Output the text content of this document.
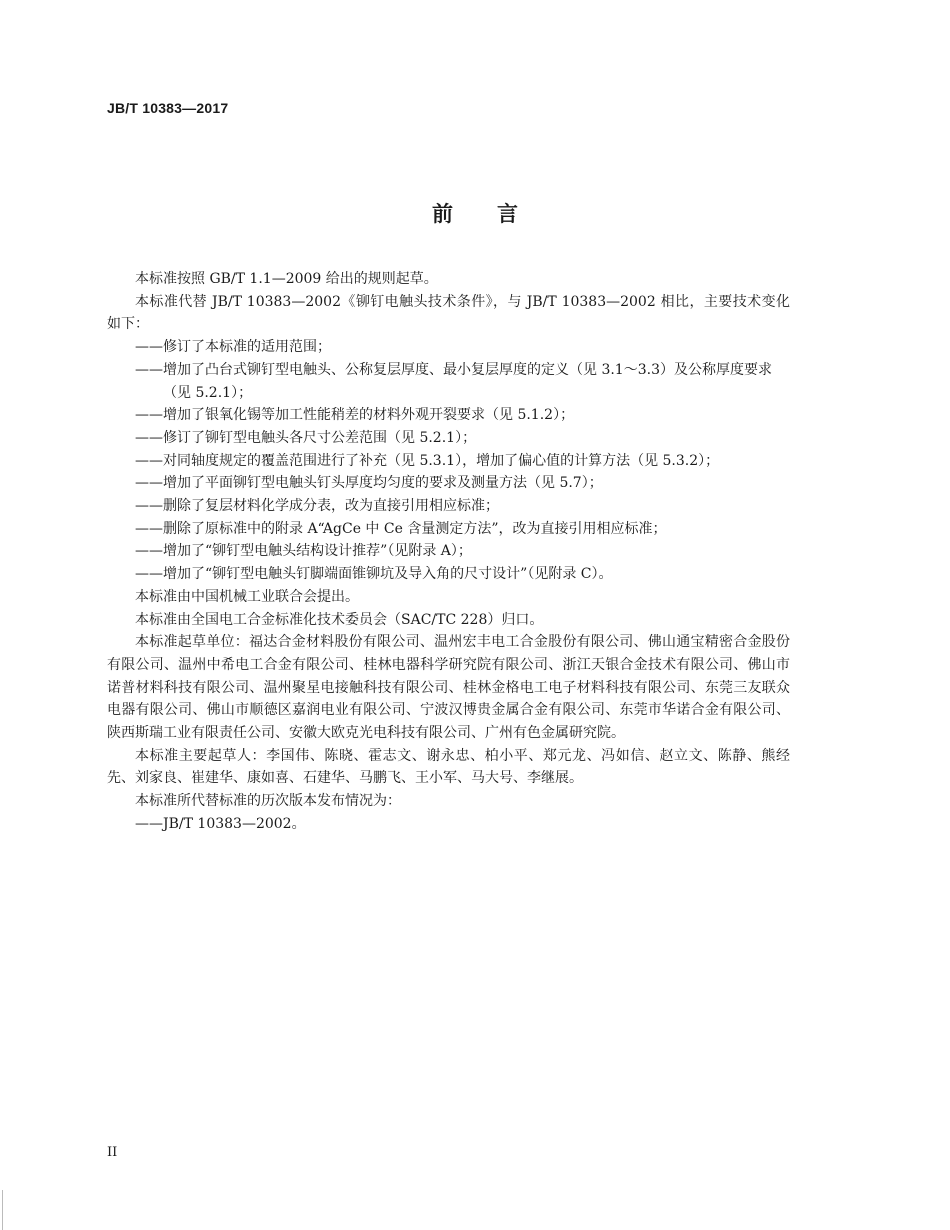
JB/T 10383—2017
前 言

本标准按照 GB/T 1.1—2009 给出的规则起草。

本标准代替 JB/T 10383—2002《铆钉电触头技术条件》，与 JB/T 10383—2002 相比，主要技术变化如下：

—— 修订了本标准的适用范围；

—— 增加了凸台式铆钉型电触头、公称复层厚度、最小复层厚度的定义（见 3.1～3.3）及公称厚度要求（见 5.2.1）；

—— 增加了银氧化锡等加工性能稍差的材料外观开裂要求（见 5.1.2）；

—— 修订了铆钉型电触头各尺寸公差范围（见 5.2.1）；

—— 对同轴度规定的覆盖范围进行了补充（见 5.3.1），增加了偏心值的计算方法（见 5.3.2）；

—— 增加了平面铆钉型电触头钉头厚度均匀度的要求及测量方法（见 5.7）；

—— 删除了复层材料化学成分表，改为直接引用相应标准；

—— 删除了原标准中的附录 A“AgCe 中 Ce 含量测定方法”，改为直接引用相应标准；

—— 增加了“铆钉型电触头结构设计推荐”（见附录 A）；

—— 增加了“铆钉型电触头钉脚端面锥铆坑及导入角的尺寸设计”（见附录 C）。

本标准由中国机械工业联合会提出。

本标准由全国电工合金标准化技术委员会（SAC/TC 228）归口。

本标准起草单位：福达合金材料股份有限公司、温州宏丰电工合金股份有限公司、佛山通宝精密合金股份有限公司、温州中希电工合金有限公司、桂林电器科学研究院有限公司、浙江天银合金技术有限公司、佛山市诺普材料科技有限公司、温州聚星电接触科技有限公司、桂林金格电工电子材料科技有限公司、东莞三友联众电器有限公司、佛山市顺德区嘉润电业有限公司、宁波汉博贵金属合金有限公司、东莞市华诺合金有限公司、陕西斯瑞工业有限责任公司、安徽大欧克光电科技有限公司、广州有色金属研究院。

本标准主要起草人：李国伟、陈晓、霍志文、谢永忠、柏小平、郑元龙、冯如信、赵立文、陈静、熊经先、刘家良、崔建华、康如喜、石建华、马鹏飞、王小军、马大号、李继展。

本标准所代替标准的历次版本发布情况为：

—— JB/T 10383—2002。

II
